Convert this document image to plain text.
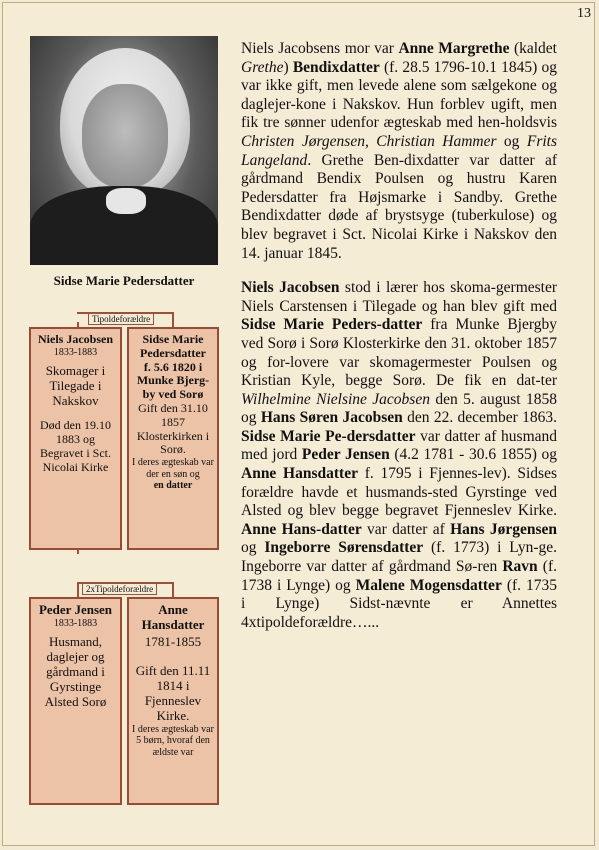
13
Sidse Marie Pedersdatter
Tipoldeforældre
Niels Jacobsen
1833-1883
Skomager i Tilegade i Nakskov
Død den 19.10 1883 og Begravet i Sct. Nicolai Kirke
Sidse Marie Pedersdatter
f. 5.6 1820 i Munke Bjerg-by ved Sorø
Gift den 31.10 1857 Klosterkirken i Sorø.
I deres ægteskab var der en søn og
en datter
2xTipoldeforældre
Peder Jensen
1833-1883
Husmand, daglejer og gårdmand i Gyrstinge Alsted Sorø
Anne Hansdatter
1781-1855
Gift den 11.11 1814 i Fjenneslev Kirke.
I deres ægteskab var 5 børn, hvoraf den ældste var

Niels Jacobsens mor var Anne Margrethe (kaldet Grethe) Bendixdatter (f. 28.5 1796-10.1 1845) og var ikke gift, men levede alene som sælgekone og daglejer-kone i Nakskov. Hun forblev ugift, men fik tre sønner udenfor ægteskab med hen-holdsvis Christen Jørgensen, Christian Hammer og Frits Langeland. Grethe Ben-dixdatter var datter af gårdmand Bendix Poulsen og hustru Karen Pedersdatter fra Højsmarke i Sandby. Grethe Bendixdatter døde af brystsyge (tuberkulose) og blev begravet i Sct. Nicolai Kirke i Nakskov den 14. januar 1845.

Niels Jacobsen stod i lærer hos skoma-germester Niels Carstensen i Tilegade og han blev gift med Sidse Marie Peders-datter fra Munke Bjergby ved Sorø i Sorø Klosterkirke den 31. oktober 1857 og for-lovere var skomagermester Poulsen og Kristian Kyle, begge Sorø. De fik en dat-ter Wilhelmine Nielsine Jacobsen den 5. august 1858 og Hans Søren Jacobsen den 22. december 1863. Sidse Marie Pe-dersdatter var datter af husmand med jord Peder Jensen (4.2 1781 - 30.6 1855) og Anne Hansdatter f. 1795 i Fjennes-lev). Sidses forældre havde et husmands-sted Gyrstinge ved Alsted og blev begge begravet Fjenneslev Kirke. Anne Hans-datter var datter af Hans Jørgensen og Ingeborre Sørensdatter (f. 1773) i Lyn-ge. Ingeborre var datter af gårdmand Sø-ren Ravn (f. 1738 i Lynge) og Malene Mogensdatter (f. 1735 i Lynge) Sidst-nævnte er Annettes 4xtipoldeforældre…...
